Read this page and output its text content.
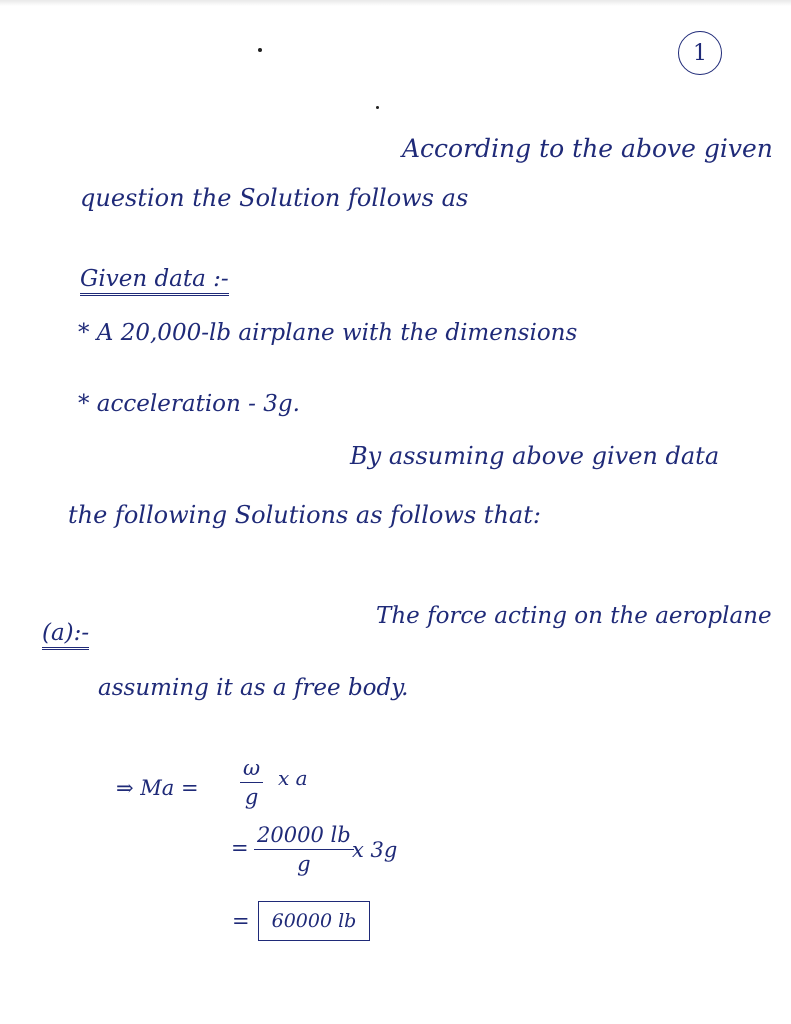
1
According to the above given
question the Solution follows as
Given data :-
* A 20,000-lb airplane with the dimensions
* acceleration - 3g.
By assuming above given data
the following Solutions as follows that:
(a):-
The force acting on the aeroplane
assuming it as a free body.
⇒ $Ma = \frac{\omega}{g}$ x a
= $\frac{20000 lb}{g}$
x 3g
=	60000 lb
